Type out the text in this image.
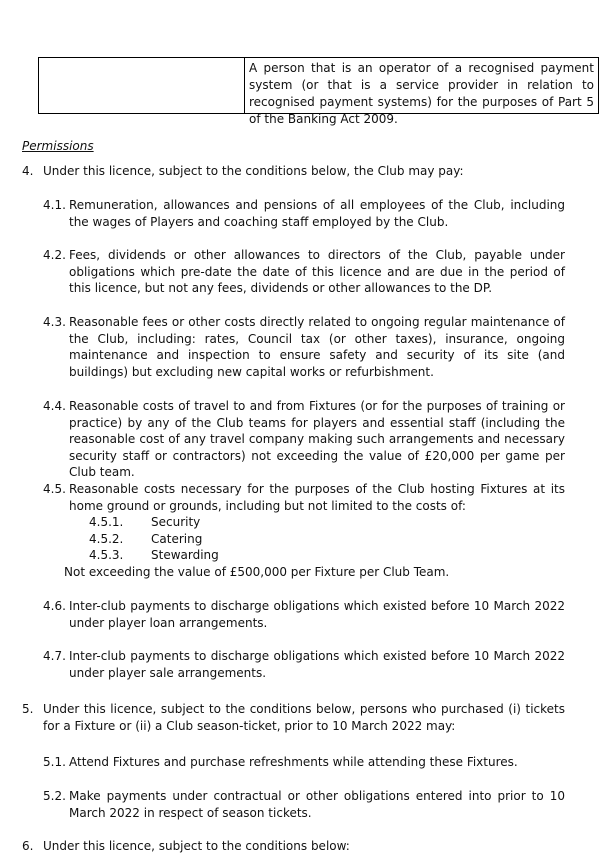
A person that is an operator of a recognised payment system (or that is a service provider in relation to recognised payment systems) for the purposes of Part 5 of the Banking Act 2009.
Permissions
4. Under this licence, subject to the conditions below, the Club may pay:
4.1. Remuneration, allowances and pensions of all employees of the Club, including the wages of Players and coaching staff employed by the Club.
4.2. Fees, dividends or other allowances to directors of the Club, payable under obligations which pre-date the date of this licence and are due in the period of this licence, but not any fees, dividends or other allowances to the DP.
4.3. Reasonable fees or other costs directly related to ongoing regular maintenance of the Club, including: rates, Council tax (or other taxes), insurance, ongoing maintenance and inspection to ensure safety and security of its site (and buildings) but excluding new capital works or refurbishment.
4.4. Reasonable costs of travel to and from Fixtures (or for the purposes of training or practice) by any of the Club teams for players and essential staff (including the reasonable cost of any travel company making such arrangements and necessary security staff or contractors) not exceeding the value of £20,000 per game per Club team.
4.5. Reasonable costs necessary for the purposes of the Club hosting Fixtures at its home ground or grounds, including but not limited to the costs of:
4.5.1. Security
4.5.2. Catering
4.5.3. Stewarding
Not exceeding the value of £500,000 per Fixture per Club Team.
4.6. Inter-club payments to discharge obligations which existed before 10 March 2022 under player loan arrangements.
4.7. Inter-club payments to discharge obligations which existed before 10 March 2022 under player sale arrangements.
5. Under this licence, subject to the conditions below, persons who purchased (i) tickets for a Fixture or (ii) a Club season-ticket, prior to 10 March 2022 may:
5.1. Attend Fixtures and purchase refreshments while attending these Fixtures.
5.2. Make payments under contractual or other obligations entered into prior to 10 March 2022 in respect of season tickets.
6. Under this licence, subject to the conditions below:
